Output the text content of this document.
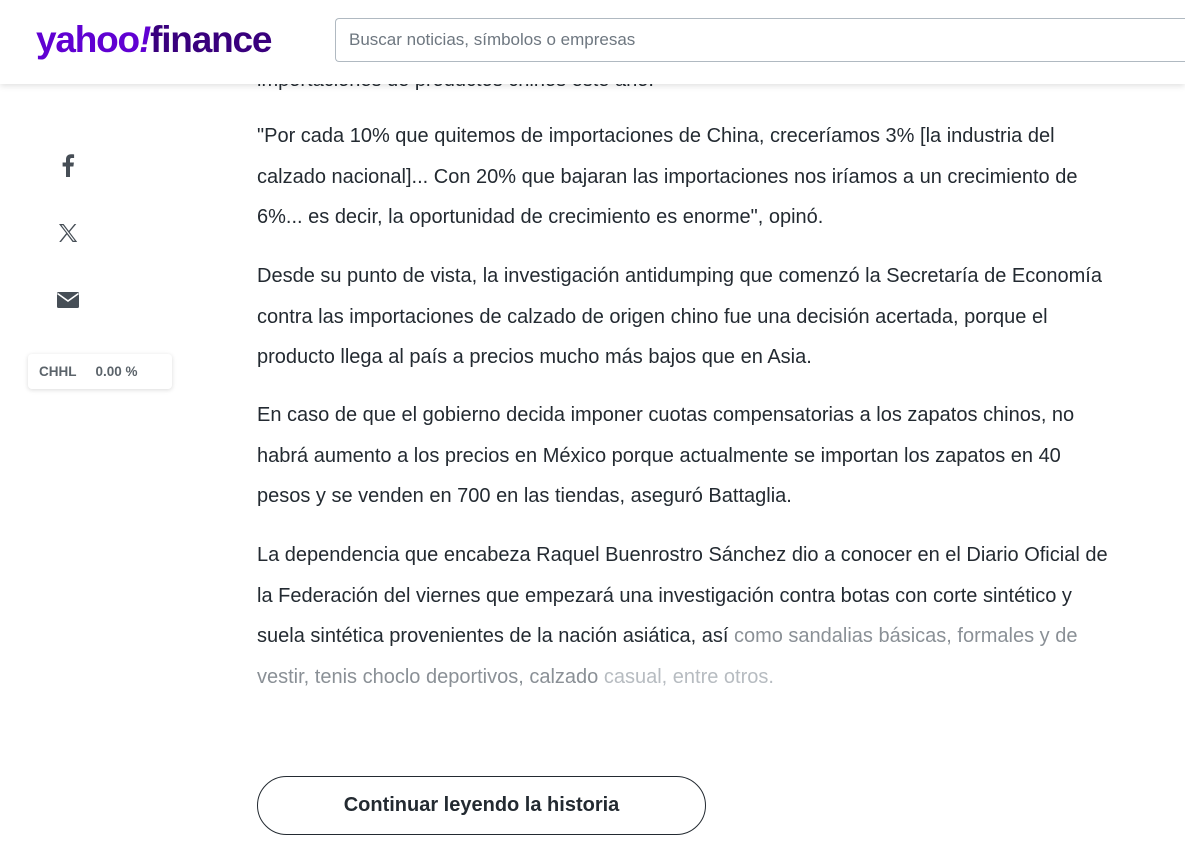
"Por cada 10% que quitemos de importaciones de China, creceríamos 3% [la industria del calzado nacional]... Con 20% que bajaran las importaciones nos iríamos a un crecimiento de 6%... es decir, la oportunidad de crecimiento es enorme", opinó.

Desde su punto de vista, la investigación antidumping que comenzó la Secretaría de Economía contra las importaciones de calzado de origen chino fue una decisión acertada, porque el producto llega al país a precios mucho más bajos que en Asia.

En caso de que el gobierno decida imponer cuotas compensatorias a los zapatos chinos, no habrá aumento a los precios en México porque actualmente se importan los zapatos en 40 pesos y se venden en 700 en las tiendas, aseguró Battaglia.

La dependencia que encabeza Raquel Buenrostro Sánchez dio a conocer en el Diario Oficial de la Federación del viernes que empezará una investigación contra botas con corte sintético y suela sintética provenientes de la nación asiática, así como sandalias básicas, formales y de vestir, tenis choclo deportivos, calzado casual, entre otros.

yahoo!finance
Buscar noticias, símbolos o empresas
CHHL 0.00 %
Continuar leyendo la historia
